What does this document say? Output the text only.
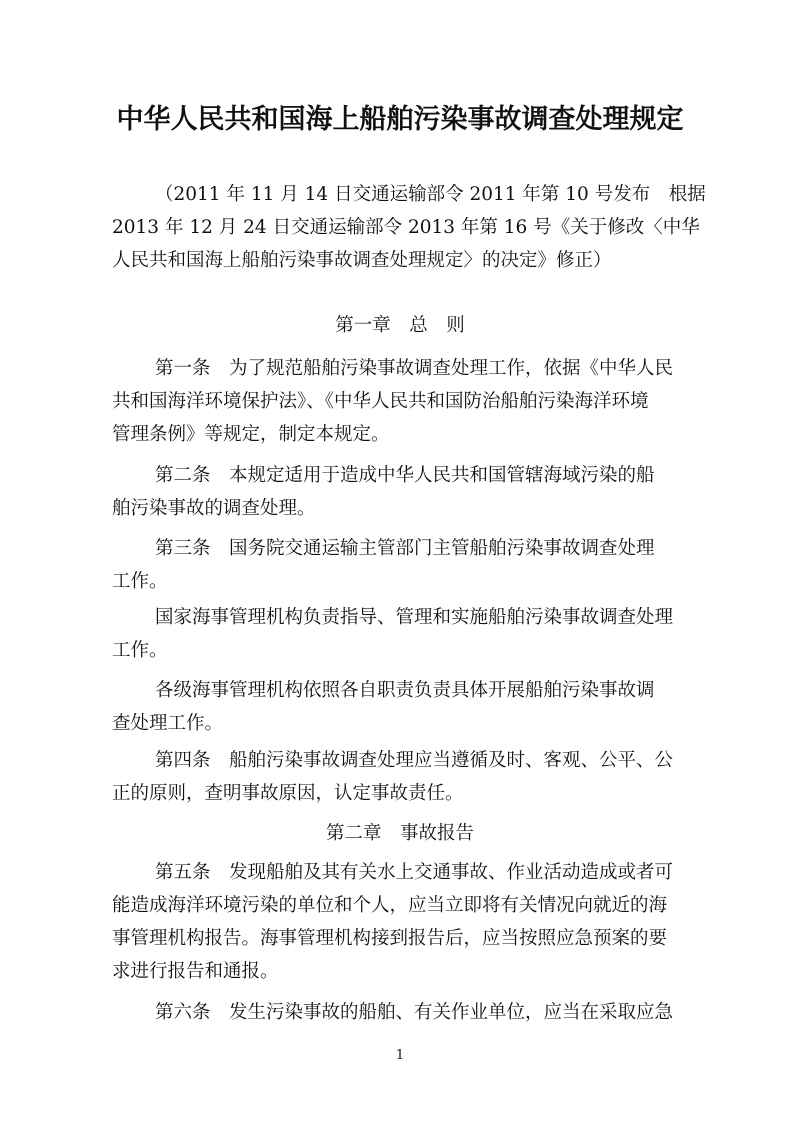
中华人民共和国海上船舶污染事故调查处理规定

（2011 年 11 月 14 日交通运输部令 2011 年第 10 号发布　根据

2013 年 12 月 24 日交通运输部令 2013 年第 16 号《关于修改〈中华

人民共和国海上船舶污染事故调查处理规定〉的决定》修正）

第一章　总　则

第一条　为了规范船舶污染事故调查处理工作，依据《中华人民

共和国海洋环境保护法》、《中华人民共和国防治船舶污染海洋环境

管理条例》等规定，制定本规定。

第二条　本规定适用于造成中华人民共和国管辖海域污染的船

舶污染事故的调查处理。

第三条　国务院交通运输主管部门主管船舶污染事故调查处理

工作。

国家海事管理机构负责指导、管理和实施船舶污染事故调查处理

工作。

各级海事管理机构依照各自职责负责具体开展船舶污染事故调

查处理工作。

第四条　船舶污染事故调查处理应当遵循及时、客观、公平、公

正的原则，查明事故原因，认定事故责任。

第二章　事故报告

第五条　发现船舶及其有关水上交通事故、作业活动造成或者可

能造成海洋环境污染的单位和个人，应当立即将有关情况向就近的海

事管理机构报告。海事管理机构接到报告后，应当按照应急预案的要

求进行报告和通报。

第六条　发生污染事故的船舶、有关作业单位，应当在采取应急

1
